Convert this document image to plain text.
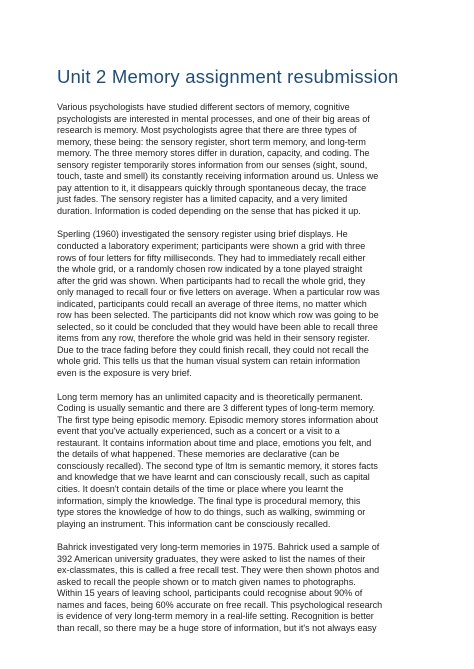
Unit 2 Memory assignment resubmission

Various psychologists have studied different sectors of memory, cognitive
psychologists are interested in mental processes, and one of their big areas of
research is memory. Most psychologists agree that there are three types of
memory, these being: the sensory register, short term memory, and long-term
memory. The three memory stores differ in duration, capacity, and coding. The
sensory register temporarily stores information from our senses (sight, sound,
touch, taste and smell) its constantly receiving information around us. Unless we
pay attention to it, it disappears quickly through spontaneous decay, the trace
just fades. The sensory register has a limited capacity, and a very limited
duration. Information is coded depending on the sense that has picked it up.

Sperling (1960) investigated the sensory register using brief displays. He
conducted a laboratory experiment; participants were shown a grid with three
rows of four letters for fifty milliseconds. They had to immediately recall either
the whole grid, or a randomly chosen row indicated by a tone played straight
after the grid was shown. When participants had to recall the whole grid, they
only managed to recall four or five letters on average. When a particular row was
indicated, participants could recall an average of three items, no matter which
row has been selected. The participants did not know which row was going to be
selected, so it could be concluded that they would have been able to recall three
items from any row, therefore the whole grid was held in their sensory register.
Due to the trace fading before they could finish recall, they could not recall the
whole grid. This tells us that the human visual system can retain information
even is the exposure is very brief.

Long term memory has an unlimited capacity and is theoretically permanent.
Coding is usually semantic and there are 3 different types of long-term memory.
The first type being episodic memory. Episodic memory stores information about
event that you've actually experienced, such as a concert or a visit to a
restaurant. It contains information about time and place, emotions you felt, and
the details of what happened. These memories are declarative (can be
consciously recalled). The second type of ltm is semantic memory, it stores facts
and knowledge that we have learnt and can consciously recall, such as capital
cities. It doesn't contain details of the time or place where you learnt the
information, simply the knowledge. The final type is procedural memory, this
type stores the knowledge of how to do things, such as walking, swimming or
playing an instrument. This information cant be consciously recalled.

Bahrick investigated very long-term memories in 1975. Bahrick used a sample of
392 American university graduates, they were asked to list the names of their
ex-classmates, this is called a free recall test. They were then shown photos and
asked to recall the people shown or to match given names to photographs.
Within 15 years of leaving school, participants could recognise about 90% of
names and faces, being 60% accurate on free recall. This psychological research
is evidence of very long-term memory in a real-life setting. Recognition is better
than recall, so there may be a huge store of information, but it's not always easy
